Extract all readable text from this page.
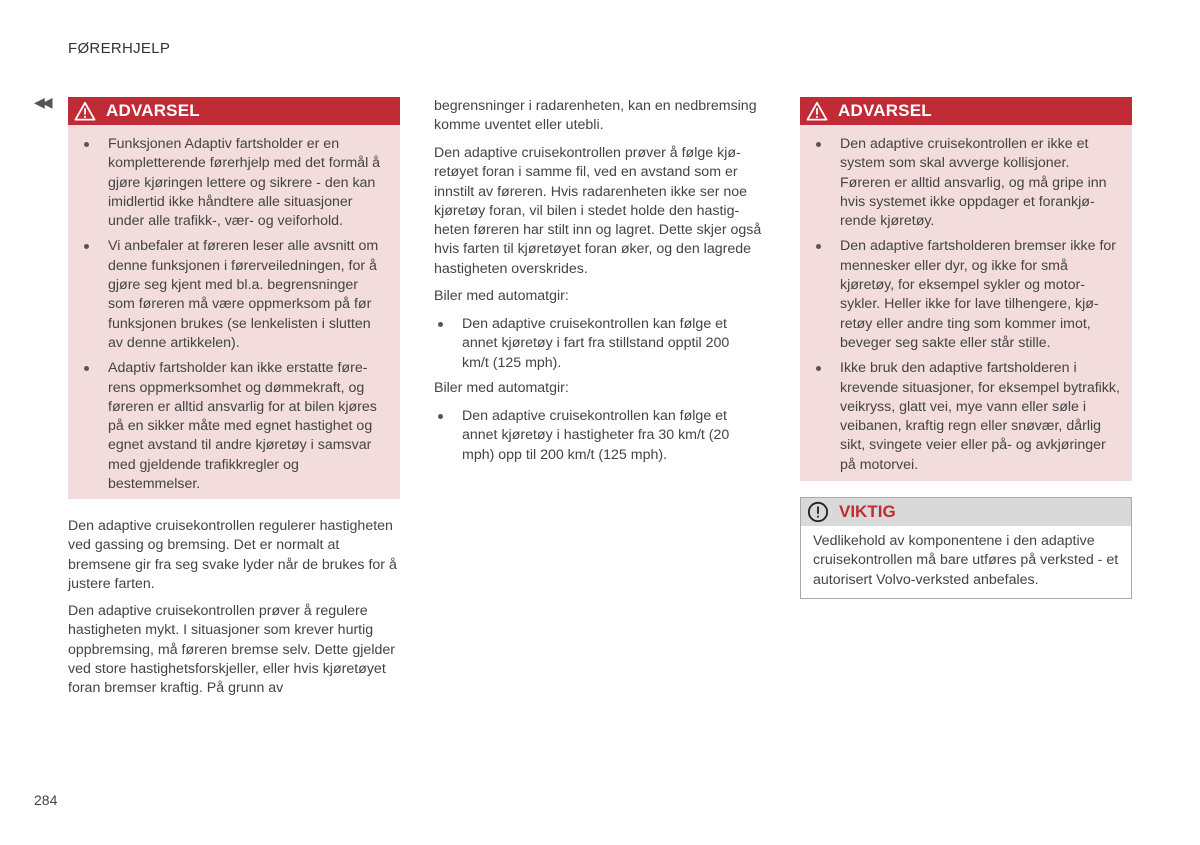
FØRERHJELP
◀◀
284
ADVARSEL
Funksjonen Adaptiv fartsholder er en kompletterende førerhjelp med det formål å gjøre kjøringen lettere og sikrere - den kan imidlertid ikke håndtere alle situasjoner under alle trafikk-, vær- og veiforhold.
Vi anbefaler at føreren leser alle avsnitt om denne funksjonen i førerveiledningen, for å gjøre seg kjent med bl.a. begrensninger som føreren må være oppmerksom på før funksjonen brukes (se lenkelisten i slutten av denne artikkelen).
Adaptiv fartsholder kan ikke erstatte førerens oppmerksomhet og dømmekraft, og føreren er alltid ansvarlig for at bilen kjøres på en sikker måte med egnet hastighet og egnet avstand til andre kjøretøy i samsvar med gjeldende trafikkregler og bestemmelser.

Den adaptive cruisekontrollen regulerer hastigheten ved gassing og bremsing. Det er normalt at bremsene gir fra seg svake lyder når de brukes for å justere farten.

Den adaptive cruisekontrollen prøver å regulere hastigheten mykt. I situasjoner som krever hurtig oppbremsing, må føreren bremse selv. Dette gjelder ved store hastighetsforskjeller, eller hvis kjøretøyet foran bremser kraftig. På grunn av

begrensninger i radarenheten, kan en nedbremsing komme uventet eller utebli.

Den adaptive cruisekontrollen prøver å følge kjøretøyet foran i samme fil, ved en avstand som er innstilt av føreren. Hvis radarenheten ikke ser noe kjøretøy foran, vil bilen i stedet holde den hastigheten føreren har stilt inn og lagret. Dette skjer også hvis farten til kjøretøyet foran øker, og den lagrede hastigheten overskrides.

Biler med automatgir:

Den adaptive cruisekontrollen kan følge et annet kjøretøy i fart fra stillstand opptil 200 km/t (125 mph).

Biler med automatgir:

Den adaptive cruisekontrollen kan følge et annet kjøretøy i hastigheter fra 30 km/t (20 mph) opp til 200 km/t (125 mph).
ADVARSEL
Den adaptive cruisekontrollen er ikke et system som skal avverge kollisjoner. Føreren er alltid ansvarlig, og må gripe inn hvis systemet ikke oppdager et forankjørende kjøretøy.
Den adaptive fartsholderen bremser ikke for mennesker eller dyr, og ikke for små kjøretøy, for eksempel sykler og motorsykler. Heller ikke for lave tilhengere, kjøretøy eller andre ting som kommer imot, beveger seg sakte eller står stille.
Ikke bruk den adaptive fartsholderen i krevende situasjoner, for eksempel bytrafikk, veikryss, glatt vei, mye vann eller søle i veibanen, kraftig regn eller snøvær, dårlig sikt, svingete veier eller på- og avkjøringer på motorvei.
VIKTIG
Vedlikehold av komponentene i den adaptive cruisekontrollen må bare utføres på verksted - et autorisert Volvo-verksted anbefales.
